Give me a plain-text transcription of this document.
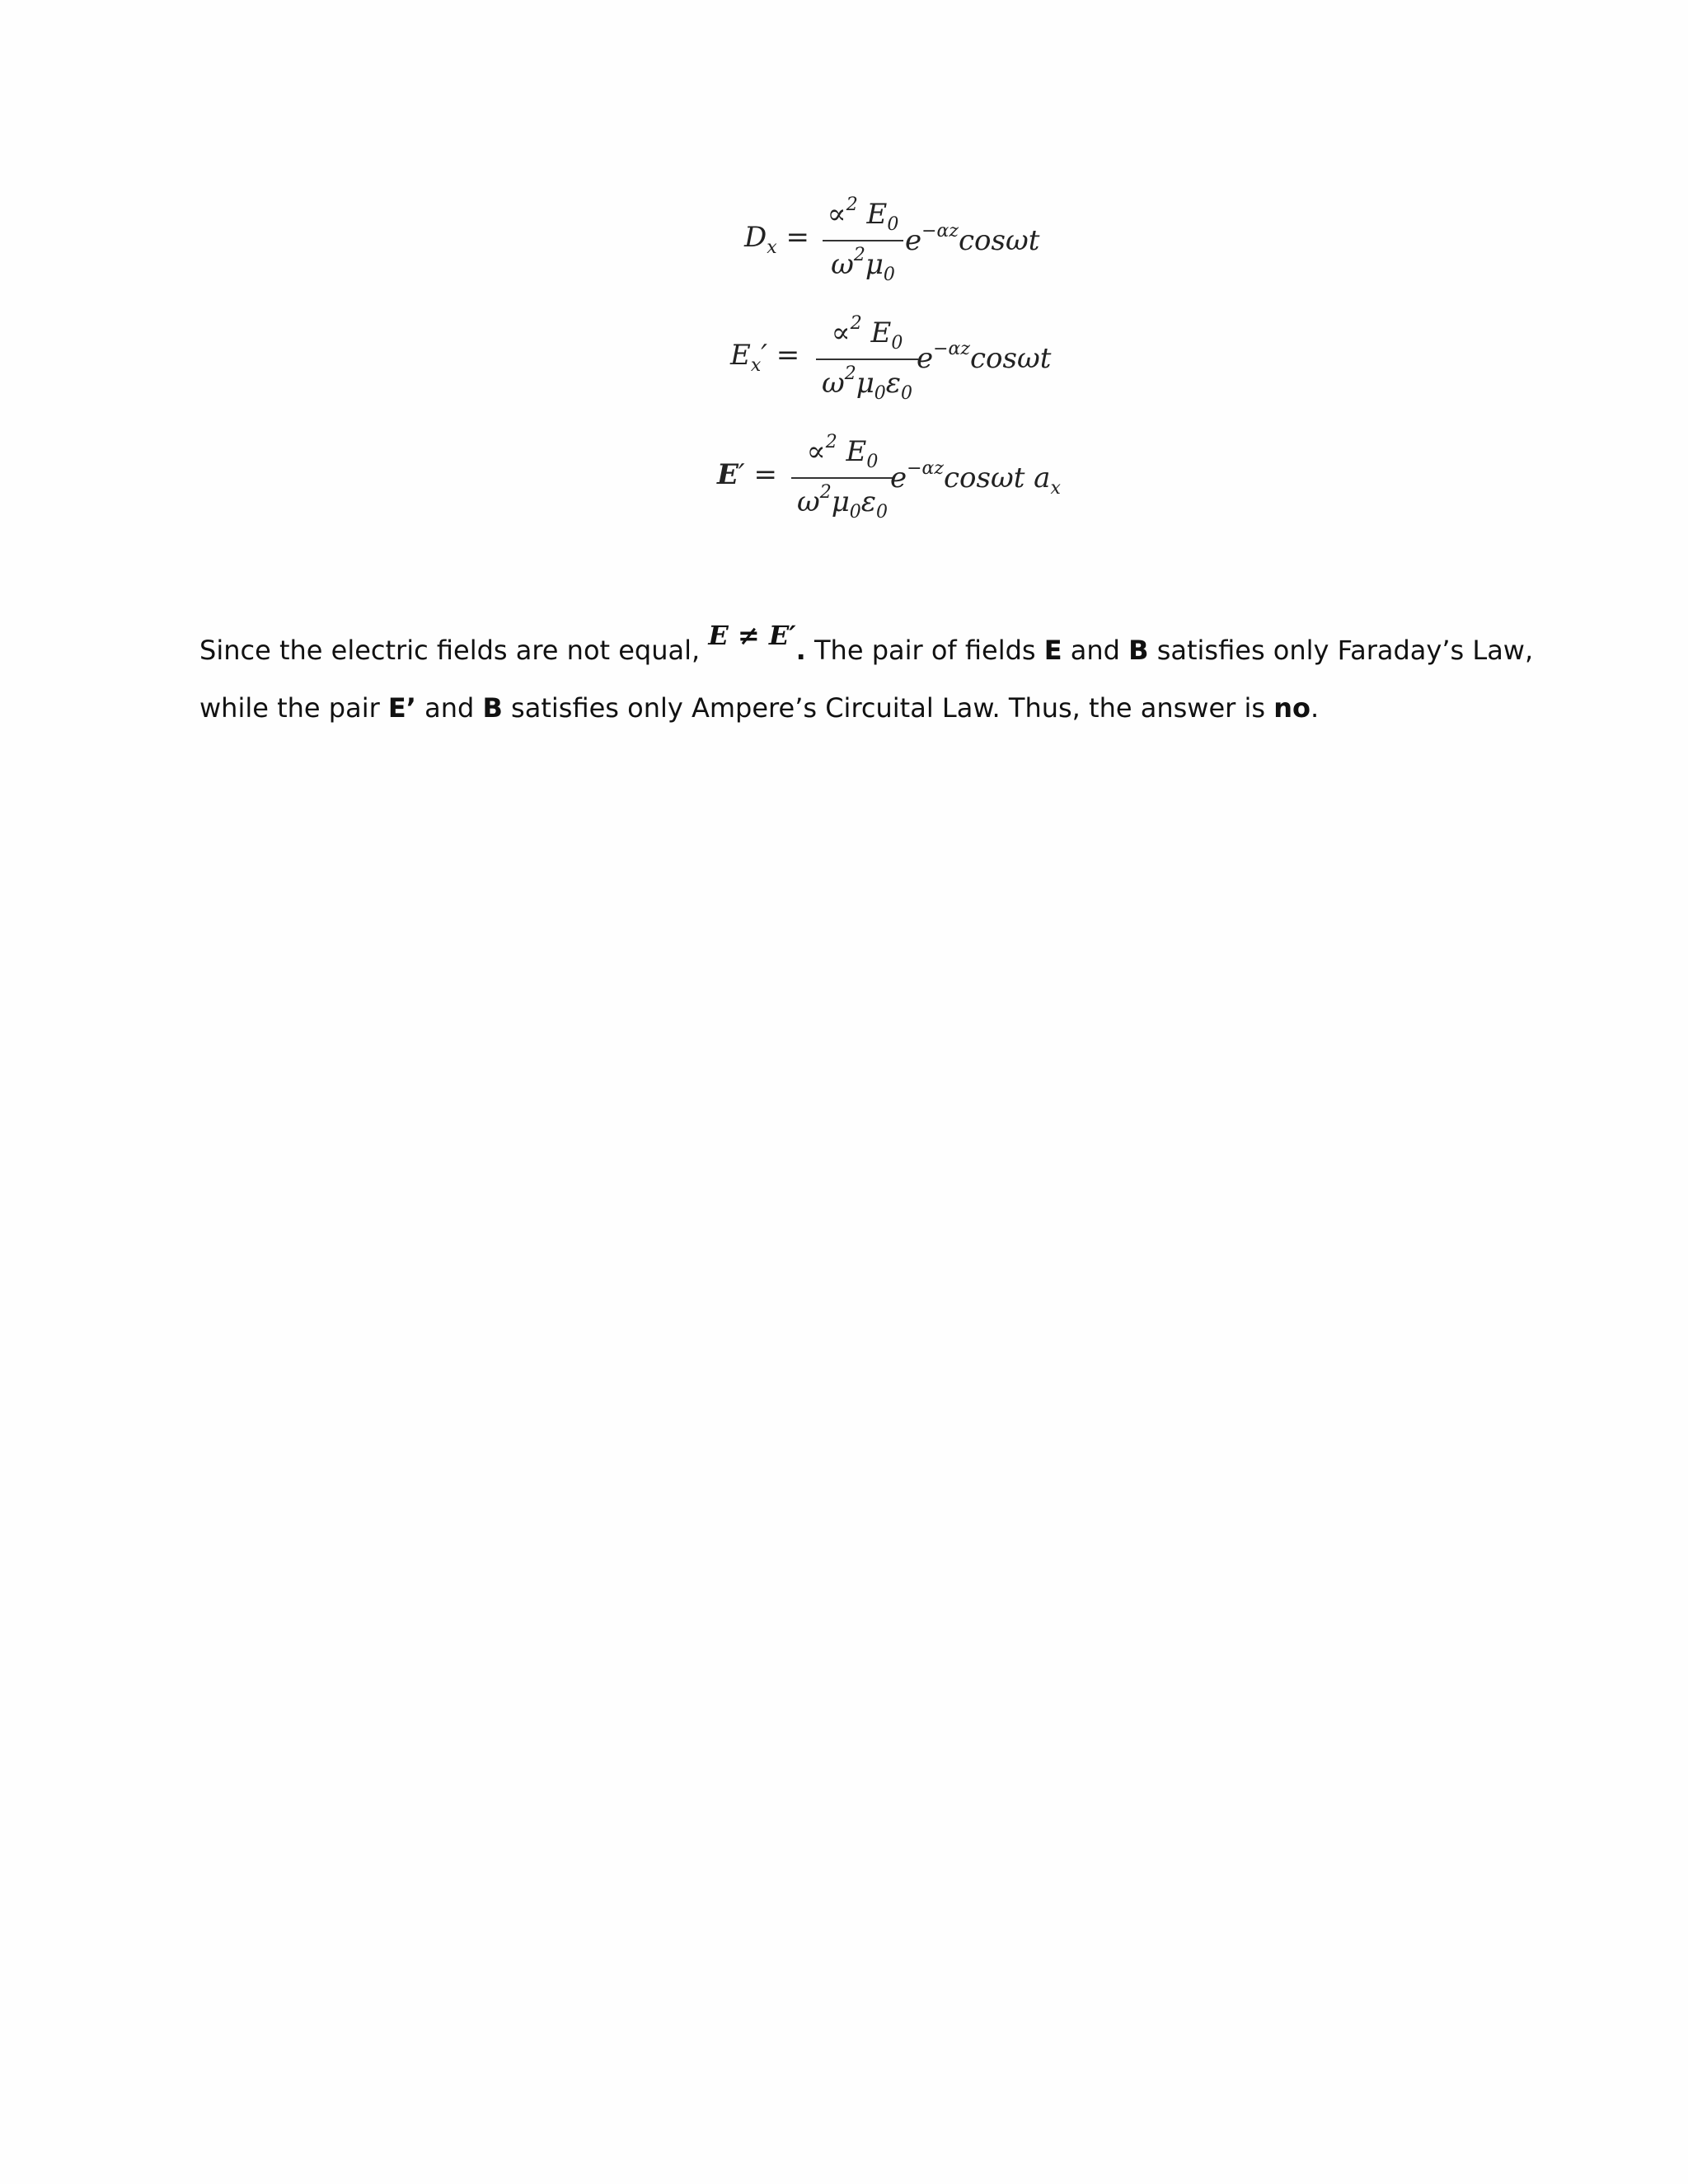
$D_x$ =
∝$^2$ $E_0$
$\omega^2\mu_0$
$e^{-\alpha z}\cos\omega t$
$E_x'$ =
∝$^2$ $E_0$
$\omega^2\mu_0\varepsilon_0$
$e^{-\alpha z}\cos\omega t$
E′ =
∝$^2$ $E_0$
$\omega^2\mu_0\varepsilon_0$
$e^{-\alpha z}\cos\omega t$ $a_x$
Since the electric fields are not equal, E ≠ E′. The pair of fields E and B satisfies only Faraday’s Law,
while the pair E’ and B satisfies only Ampere’s Circuital Law. Thus, the answer is no.
